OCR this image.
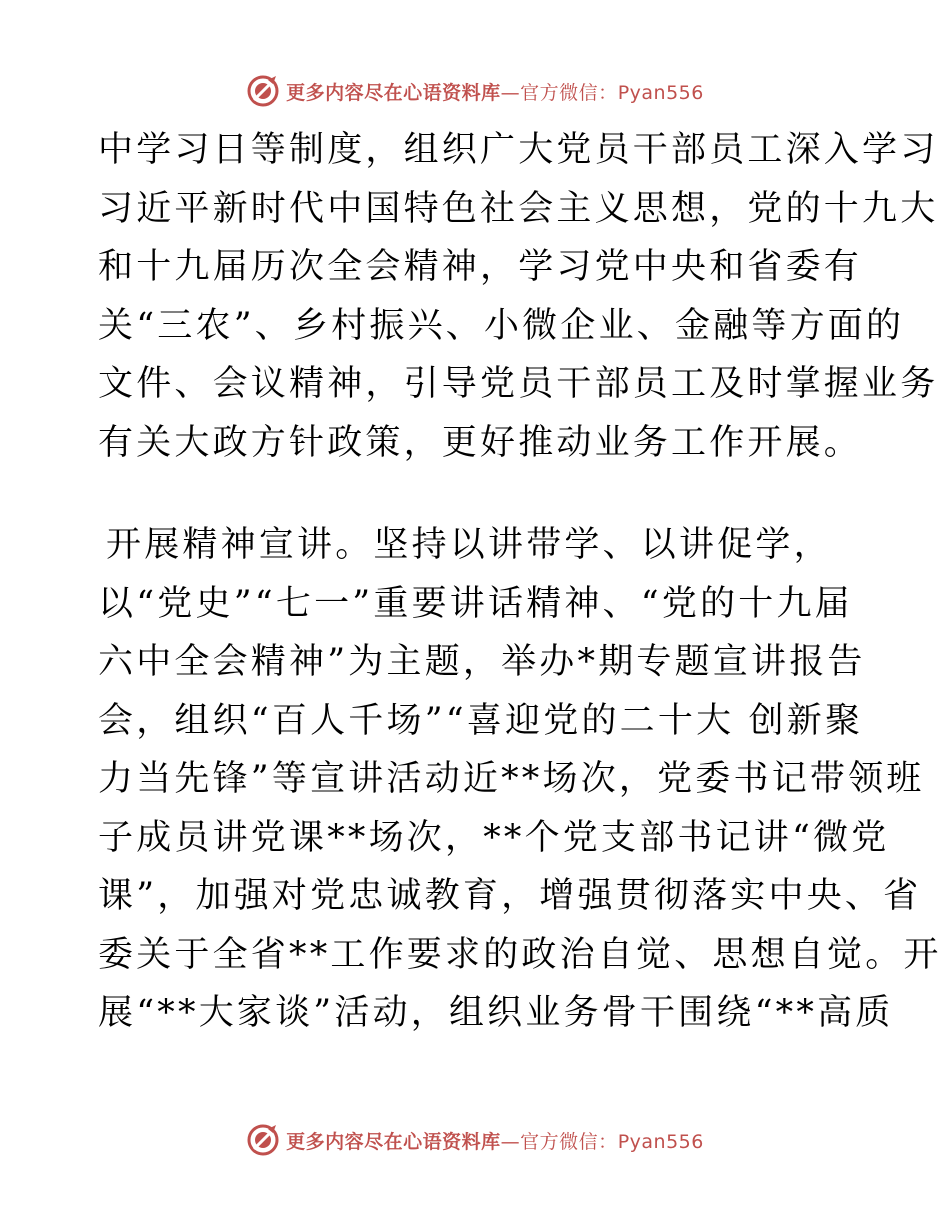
更多内容尽在心语资料库—官方微信：Pyan556
中学习日等制度，组织广大党员干部员工深入学习
习近平新时代中国特色社会主义思想，党的十九大
和十九届历次全会精神，学习党中央和省委有
关“三农”、乡村振兴、小微企业、金融等方面的
文件、会议精神，引导党员干部员工及时掌握业务
有关大政方针政策，更好推动业务工作开展。
开展精神宣讲。坚持以讲带学、以讲促学，
以“党史”“七一”重要讲话精神、“党的十九届
六中全会精神”为主题，举办*期专题宣讲报告
会，组织“百人千场”“喜迎党的二十大 创新聚
力当先锋”等宣讲活动近**场次，党委书记带领班
子成员讲党课**场次，**个党支部书记讲“微党
课”，加强对党忠诚教育，增强贯彻落实中央、省
委关于全省**工作要求的政治自觉、思想自觉。开
展“**大家谈”活动，组织业务骨干围绕“**高质
更多内容尽在心语资料库—官方微信：Pyan556
